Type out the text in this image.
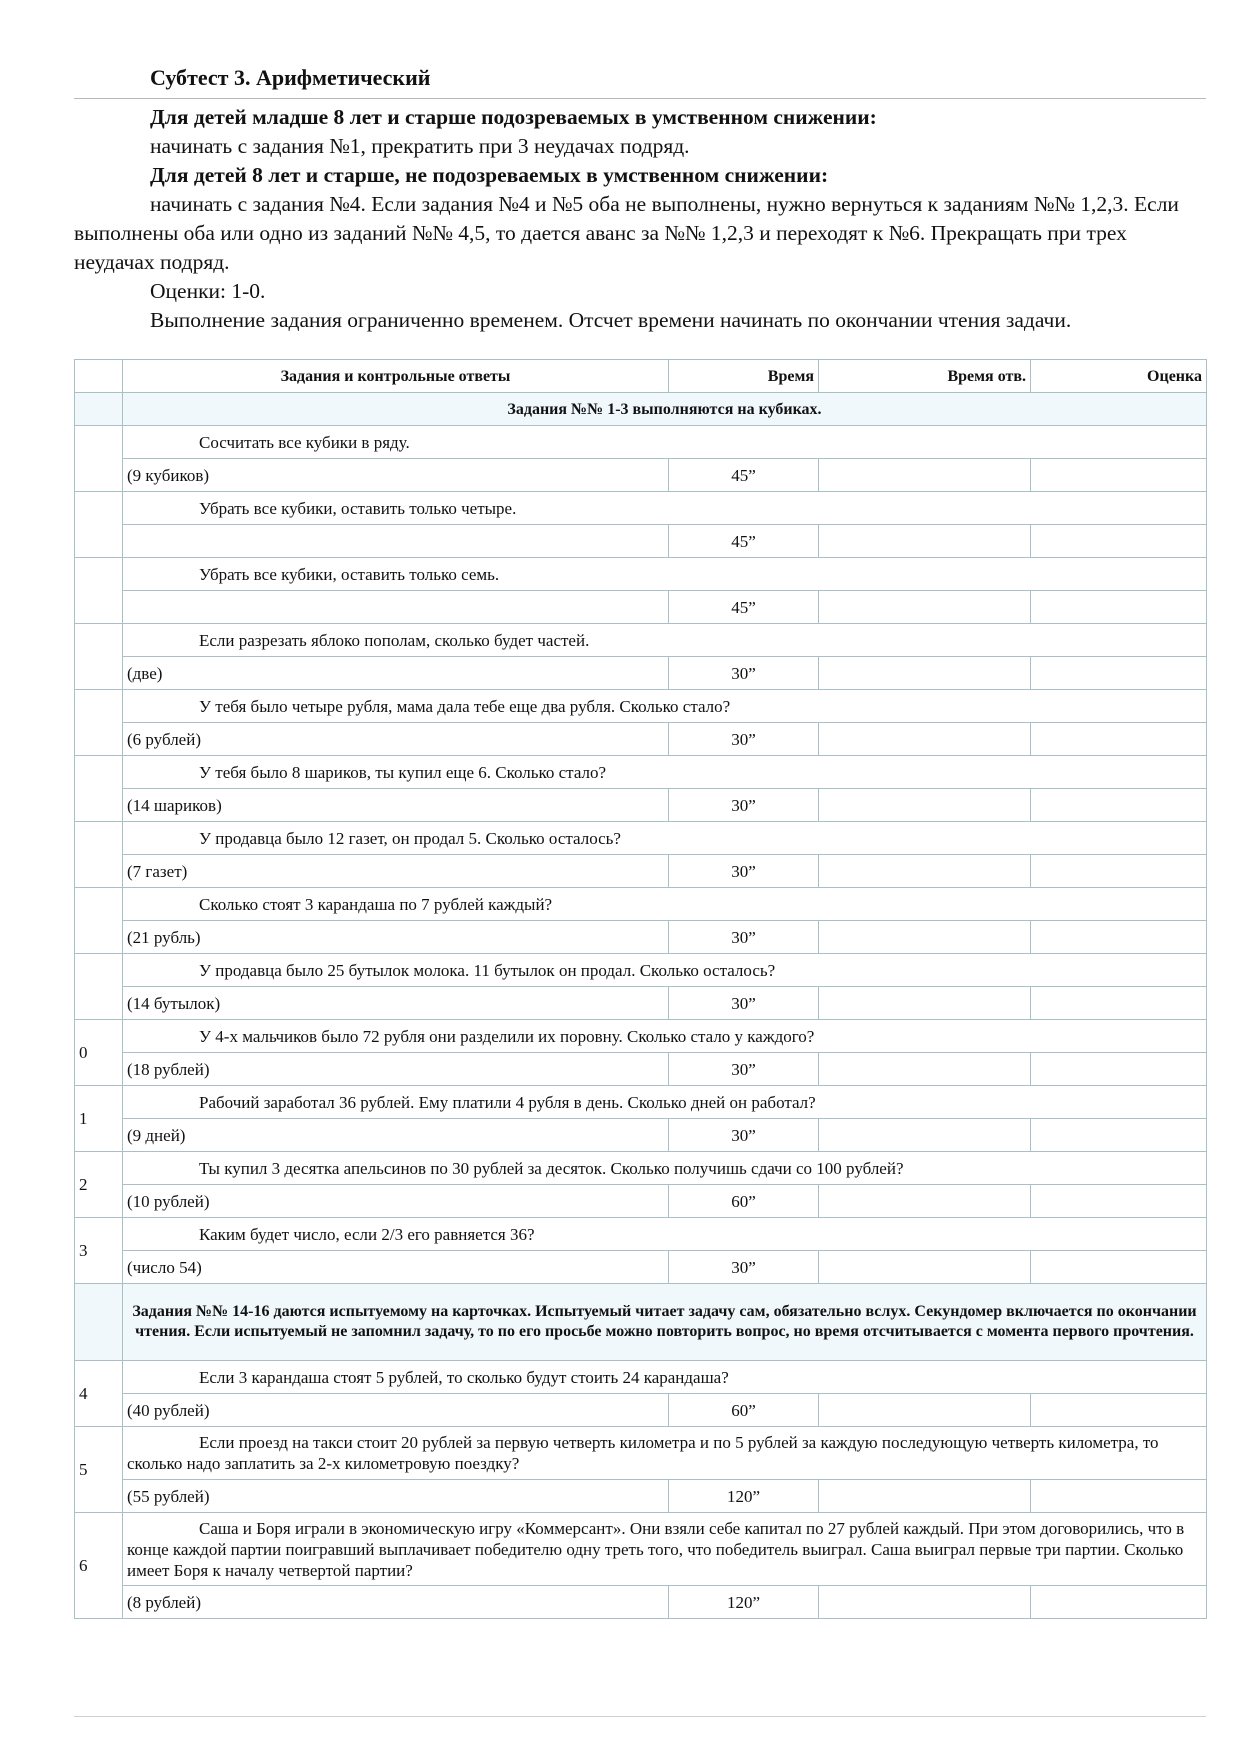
Субтест 3. Арифметический

Для детей младше 8 лет и старше подозреваемых в умственном снижении:

начинать с задания №1, прекратить при 3 неудачах подряд.

Для детей 8 лет и старше, не подозреваемых в умственном снижении:

начинать с задания №4. Если задания №4 и №5 оба не выполнены, нужно вернуться к заданиям №№ 1,2,3. Если выполнены оба или одно из заданий №№ 4,5, то дается аванс за №№ 1,2,3 и переходят к №6. Прекращать при трех неудачах подряд.

Оценки: 1-0.

Выполнение задания ограниченно временем. Отсчет времени начинать по окончании чтения задачи.

	Задания и контрольные ответы	Время	Время отв.	Оценка
	Задания №№ 1-3 выполняются на кубиках.			
	Сосчитать все кубики в ряду.			
	(9 кубиков)	45”		
	Убрать все кубики, оставить только четыре.			
		45”		
	Убрать все кубики, оставить только семь.			
		45”		
	Если разрезать яблоко пополам, сколько будет частей.			
	(две)	30”		
	У тебя было четыре рубля, мама дала тебе еще два рубля. Сколько стало?			
	(6 рублей)	30”		
	У тебя было 8 шариков, ты купил еще 6. Сколько стало?			
	(14 шариков)	30”		
	У продавца было 12 газет, он продал 5. Сколько осталось?			
	(7 газет)	30”		
	Сколько стоят 3 карандаша по 7 рублей каждый?			
	(21 рубль)	30”		
	У продавца было 25 бутылок молока. 11 бутылок он продал. Сколько осталось?			
	(14 бутылок)	30”		
0	У 4-х мальчиков было 72 рубля они разделили их поровну. Сколько стало у каждого?			
	(18 рублей)	30”		
1	Рабочий заработал 36 рублей. Ему платили 4 рубля в день. Сколько дней он работал?			
	(9 дней)	30”		
2	Ты купил 3 десятка апельсинов по 30 рублей за десяток. Сколько получишь сдачи со 100 рублей?			
	(10 рублей)	60”		
3	Каким будет число, если 2/3 его равняется 36?			
	(число 54)	30”		
	Задания №№ 14-16 даются испытуемому на карточках. Испытуемый читает задачу сам, обязательно вслух. Секундомер включается по окончании чтения. Если испытуемый не запомнил задачу, то по его просьбе можно повторить вопрос, но время отсчитывается с момента первого прочтения.			
4	Если 3 карандаша стоят 5 рублей, то сколько будут стоить 24 карандаша?			
	(40 рублей)	60”		
5	Если проезд на такси стоит 20 рублей за первую четверть километра и по 5 рублей за каждую последующую четверть километра, то сколько надо заплатить за 2-х километровую поездку?			
	(55 рублей)	120”		
6	Саша и Боря играли в экономическую игру «Коммерсант». Они взяли себе капитал по 27 рублей каждый. При этом договорились, что в конце каждой партии поигравший выплачивает победителю одну треть того, что победитель выиграл. Саша выиграл первые три партии. Сколько имеет Боря к началу четвертой партии?			
	(8 рублей)	120”		
